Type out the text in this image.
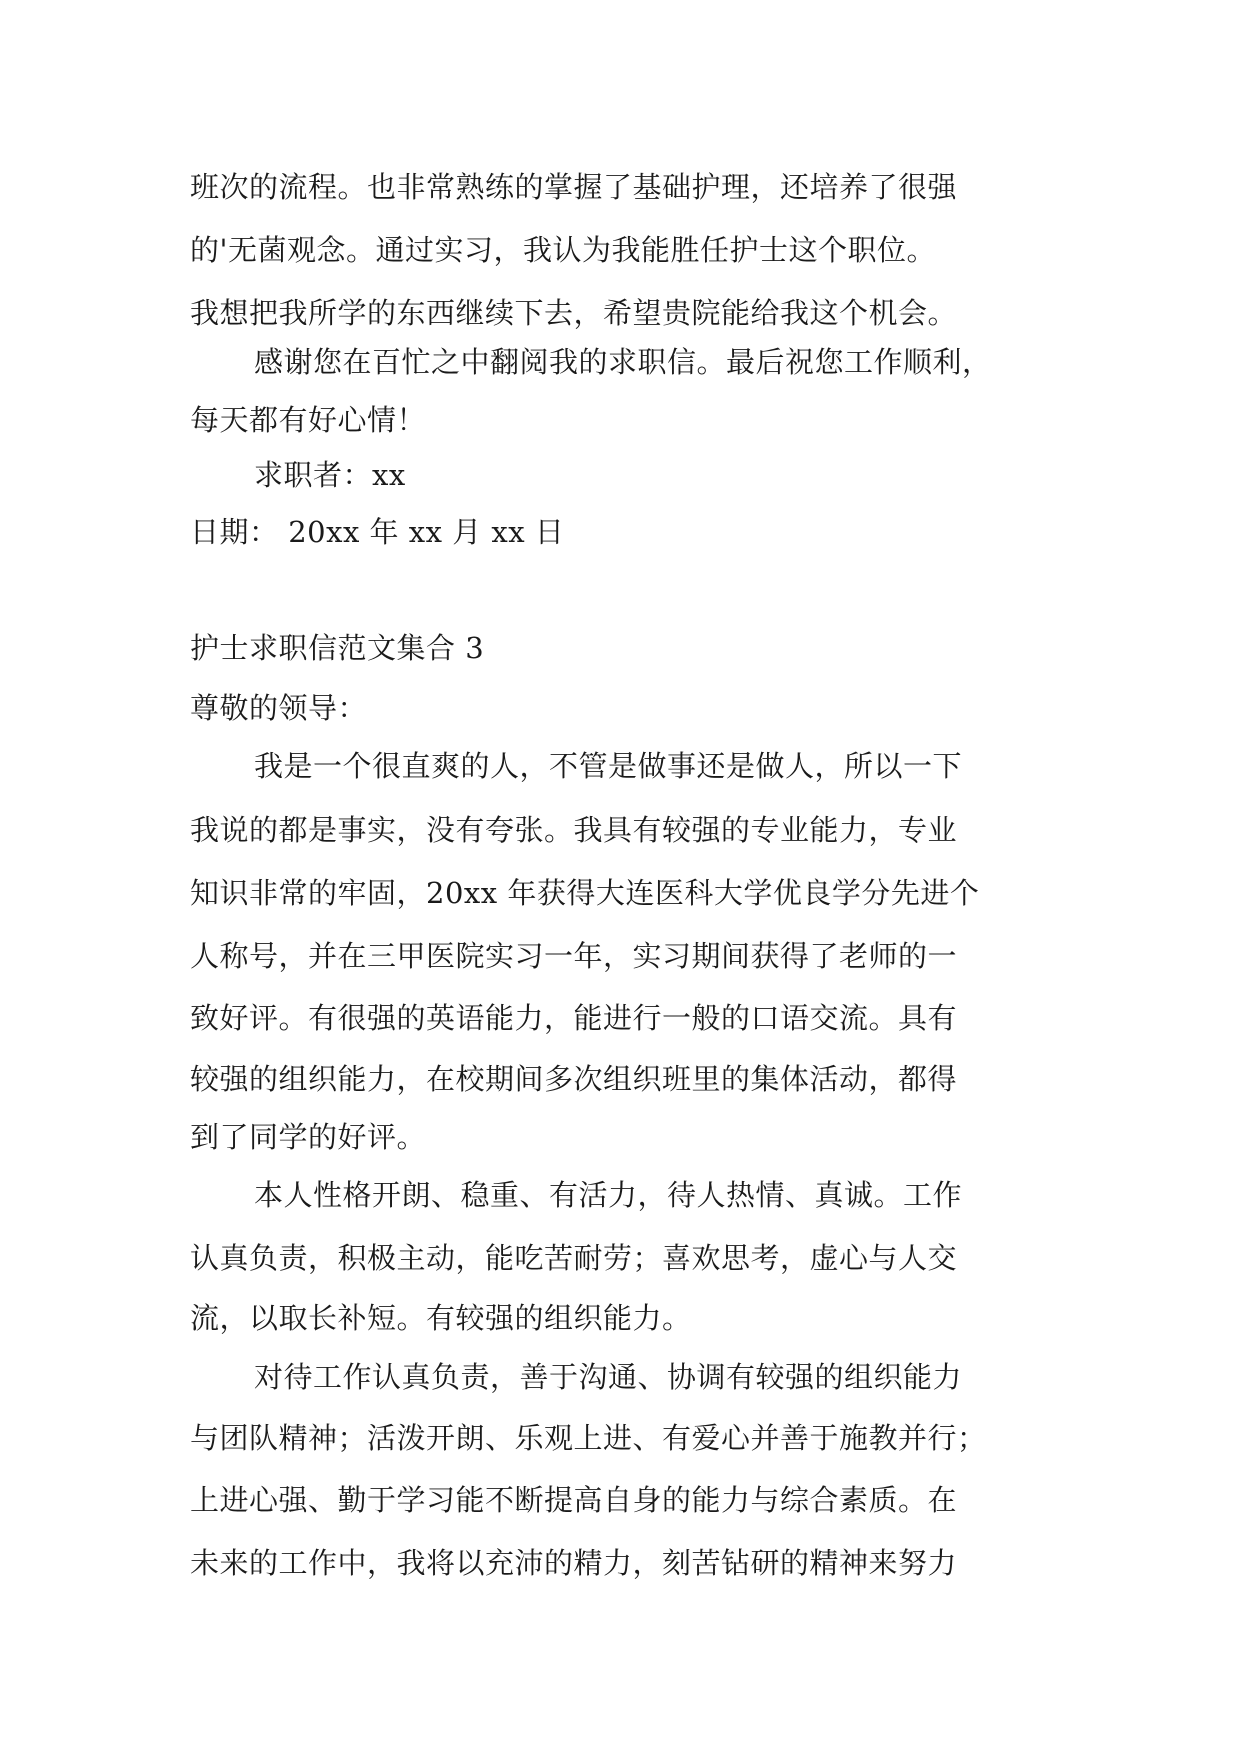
班次的流程。也非常熟练的掌握了基础护理，还培养了很强
的'无菌观念。通过实习，我认为我能胜任护士这个职位。
我想把我所学的东西继续下去，希望贵院能给我这个机会。
感谢您在百忙之中翻阅我的求职信。最后祝您工作顺利，
每天都有好心情！
求职者：xx
日期： 20xx 年 xx 月 xx 日
护士求职信范文集合 3
尊敬的领导：
我是一个很直爽的人，不管是做事还是做人，所以一下
我说的都是事实，没有夸张。我具有较强的专业能力，专业
知识非常的牢固，20xx 年获得大连医科大学优良学分先进个
人称号，并在三甲医院实习一年，实习期间获得了老师的一
致好评。有很强的英语能力，能进行一般的口语交流。具有
较强的组织能力，在校期间多次组织班里的集体活动，都得
到了同学的好评。
本人性格开朗、稳重、有活力，待人热情、真诚。工作
认真负责，积极主动，能吃苦耐劳；喜欢思考，虚心与人交
流，以取长补短。有较强的组织能力。
对待工作认真负责，善于沟通、协调有较强的组织能力
与团队精神；活泼开朗、乐观上进、有爱心并善于施教并行；
上进心强、勤于学习能不断提高自身的能力与综合素质。在
未来的工作中，我将以充沛的精力，刻苦钻研的精神来努力
